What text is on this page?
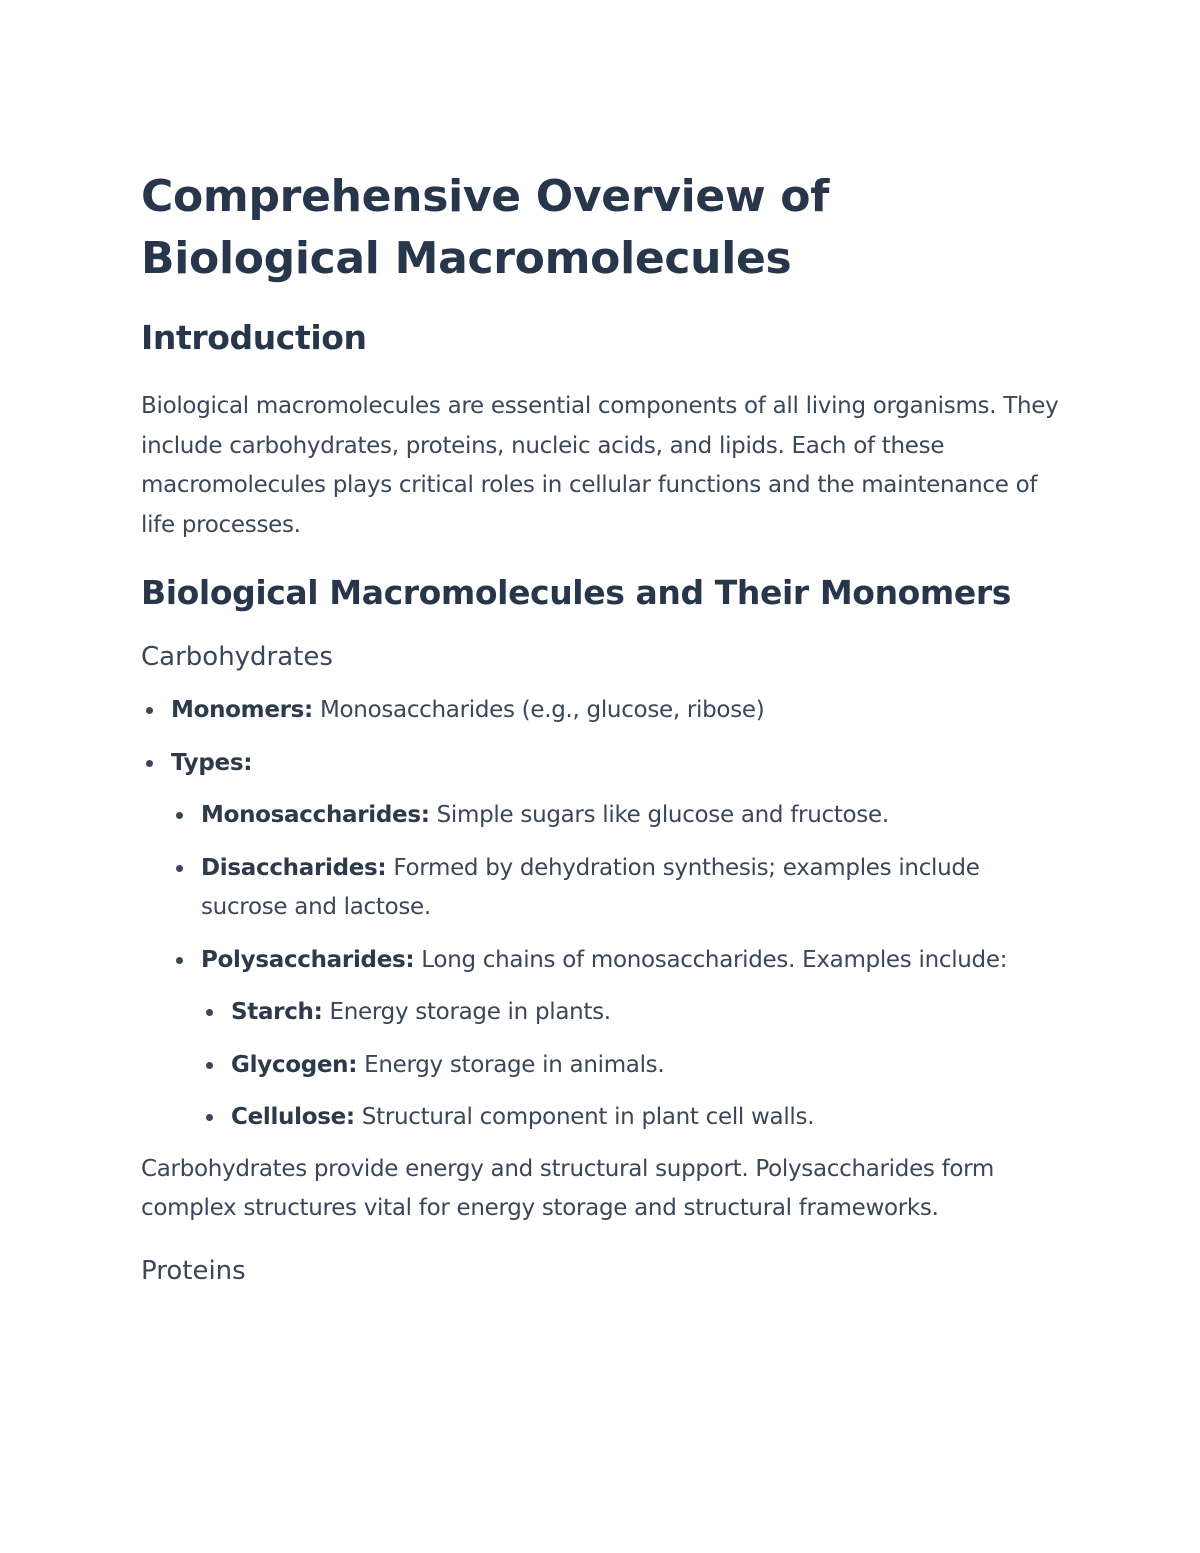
Comprehensive Overview of Biological Macromolecules
Introduction

Biological macromolecules are essential components of all living organisms. They include carbohydrates, proteins, nucleic acids, and lipids. Each of these macromolecules plays critical roles in cellular functions and the maintenance of life processes.

Biological Macromolecules and Their Monomers
Carbohydrates
Monomers: Monosaccharides (e.g., glucose, ribose)
Types:
Monosaccharides: Simple sugars like glucose and fructose.
Disaccharides: Formed by dehydration synthesis; examples include sucrose and lactose.
Polysaccharides: Long chains of monosaccharides. Examples include:
Starch: Energy storage in plants.
Glycogen: Energy storage in animals.
Cellulose: Structural component in plant cell walls.

Carbohydrates provide energy and structural support. Polysaccharides form complex structures vital for energy storage and structural frameworks.

Proteins
